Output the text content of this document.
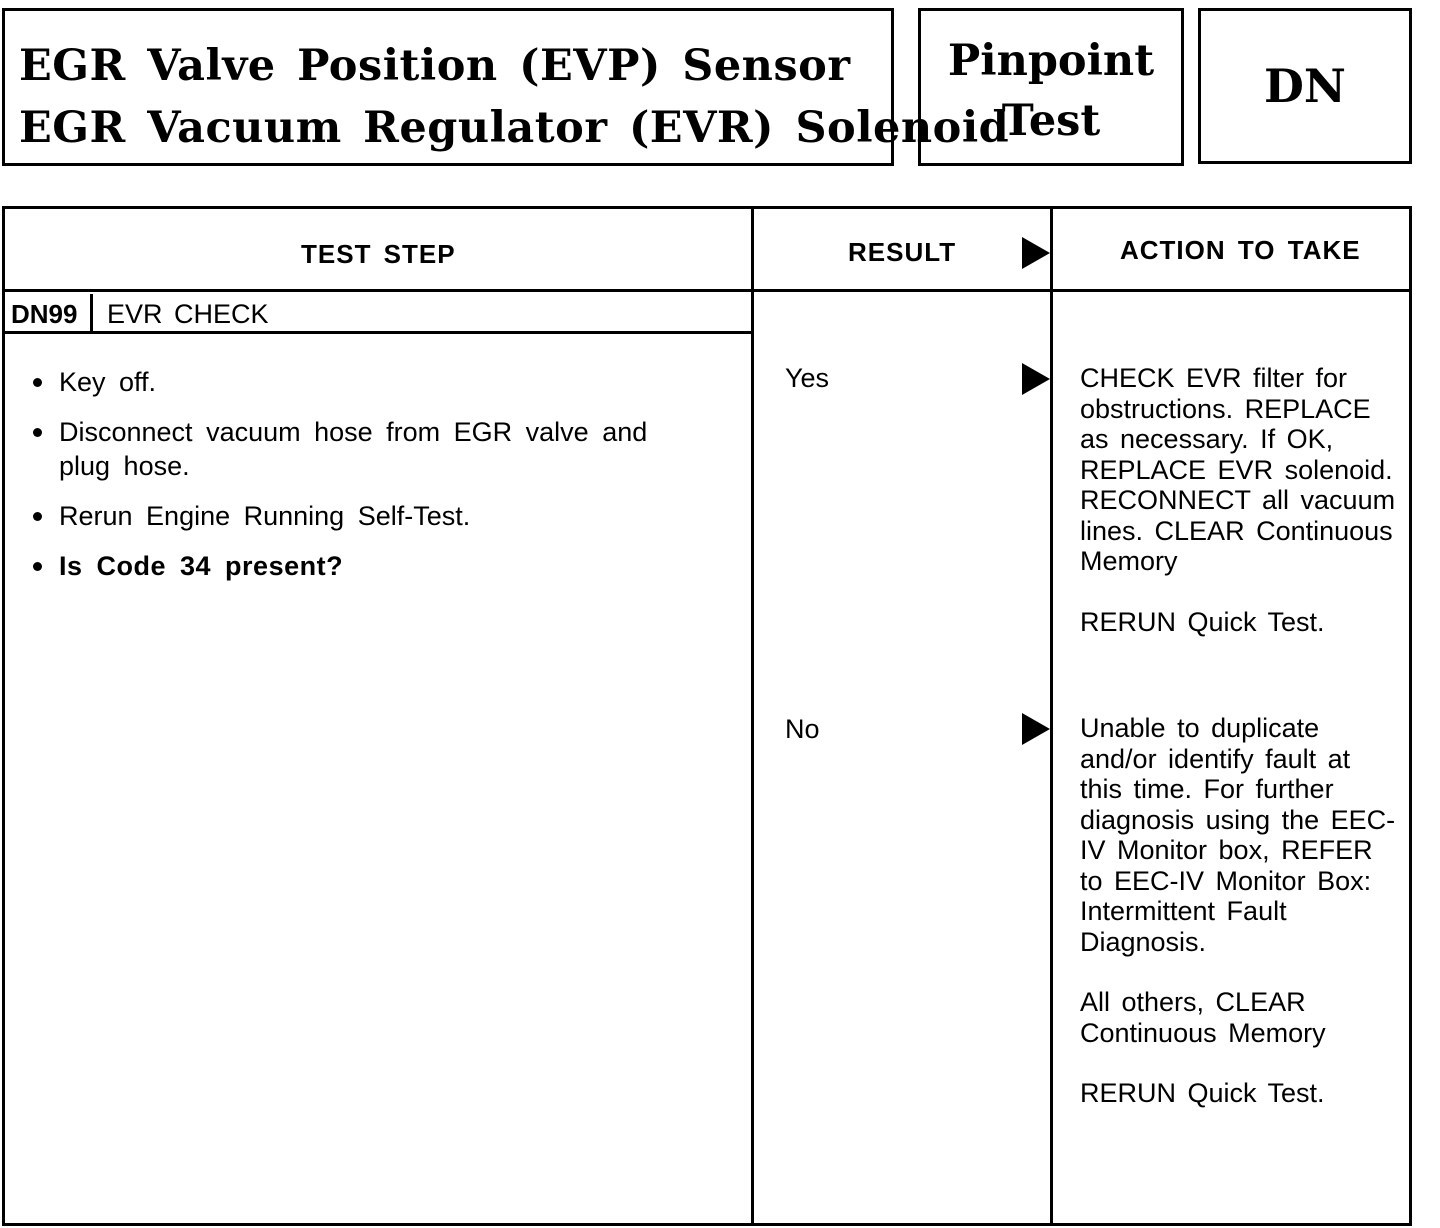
EGR Valve Position (EVP) Sensor
EGR Vacuum Regulator (EVR) Solenoid
Pinpoint
Test
DN
TEST STEP	RESULT	ACTION TO TAKE
DN99	EVR CHECK
Key off.
Disconnect vacuum hose from EGR valve and plug hose.
Rerun Engine Running Self-Test.
Is Code 34 present?
Yes	CHECK EVR filter for obstructions. REPLACE as necessary. If OK, REPLACE EVR solenoid. RECONNECT all vacuum lines. CLEAR Continuous Memory

RERUN Quick Test.

No	Unable to duplicate and/or identify fault at this time. For further diagnosis using the EEC-IV Monitor box, REFER to EEC-IV Monitor Box: Intermittent Fault Diagnosis.

All others, CLEAR Continuous Memory

RERUN Quick Test.
